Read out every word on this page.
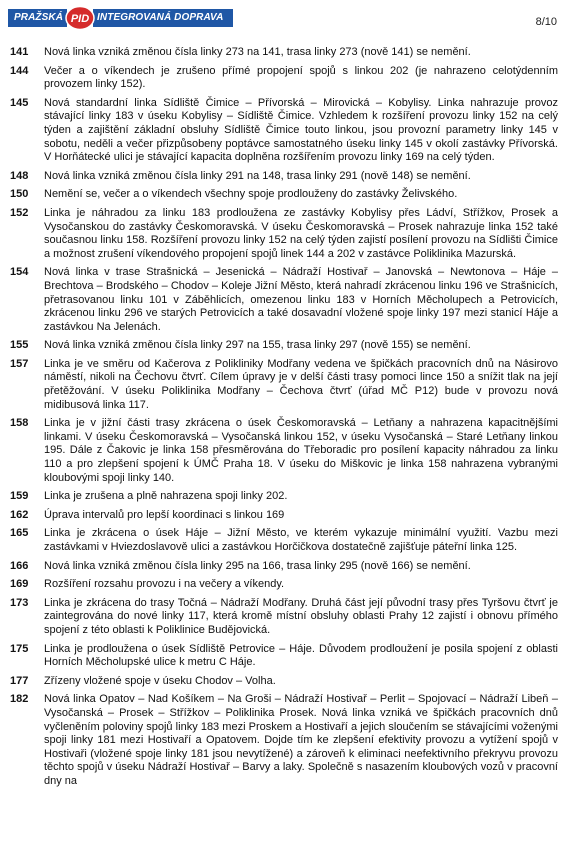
PRAŽSKÁ PID INTEGROVANÁ DOPRAVA	8/10
141	Nová linka vzniká změnou čísla linky 273 na 141, trasa linky 273 (nově 141) se nemění.
144	Večer a o víkendech je zrušeno přímé propojení spojů s linkou 202 (je nahrazeno celotýdenním provozem linky 152).
145	Nová standardní linka Sídliště Čimice – Přívorská – Mirovická – Kobylisy. Linka nahrazuje provoz stávající linky 183 v úseku Kobylisy – Sídliště Čimice. Vzhledem k rozšíření provozu linky 152 na celý týden a zajištění základní obsluhy Sídliště Čimice touto linkou, jsou provozní parametry linky 145 v sobotu, neděli a večer přizpůsobeny poptávce samostatného úseku linky 145 v okolí zastávky Přívorská. V Horňátecké ulici je stávající kapacita doplněna rozšířením provozu linky 169 na celý týden.
148	Nová linka vzniká změnou čísla linky 291 na 148, trasa linky 291 (nově 148) se nemění.
150	Nemění se, večer a o víkendech všechny spoje prodlouženy do zastávky Želivského.
152	Linka je náhradou za linku 183 prodloužena ze zastávky Kobylisy přes Ládví, Střížkov, Prosek a Vysočanskou do zastávky Českomoravská. V úseku Českomoravská – Prosek nahrazuje linka 152 také současnou linku 158. Rozšíření provozu linky 152 na celý týden zajistí posílení provozu na Sídlišti Čimice a možnost zrušení víkendového propojení spojů linek 144 a 202 v zastávce Poliklinika Mazurská.
154	Nová linka v trase Strašnická – Jesenická – Nádraží Hostivař – Janovská – Newtonova – Háje – Brechtova – Brodského – Chodov – Koleje Jižní Město, která nahradí zkrácenou linku 196 ve Strašnicích, přetrasovanou linku 101 v Záběhlicích, omezenou linku 183 v Horních Měcholupech a Petrovicích, zkrácenou linku 296 ve starých Petrovicích a také dosavadní vložené spoje linky 197 mezi stanicí Háje a zastávkou Na Jelenách.
155	Nová linka vzniká změnou čísla linky 297 na 155, trasa linky 297 (nově 155) se nemění.
157	Linka je ve směru od Kačerova z Polikliniky Modřany vedena ve špičkách pracovních dnů na Násirovo náměstí, nikoli na Čechovu čtvrť. Cílem úpravy je v delší části trasy pomoci lince 150 a snížit tlak na její přetěžování. V úseku Poliklinika Modřany – Čechova čtvrť (úřad MČ P12) bude v provozu nová midibusová linka 117.
158	Linka je v jižní části trasy zkrácena o úsek Českomoravská – Letňany a nahrazena kapacitnějšími linkami. V úseku Českomoravská – Vysočanská linkou 152, v úseku Vysočanská – Staré Letňany linkou 195. Dále z Čakovic je linka 158 přesměrována do Třeboradic pro posílení kapacity náhradou za linku 110 a pro zlepšení spojení k ÚMČ Praha 18. V úseku do Miškovic je linka 158 nahrazena vybranými kloubovými spoji linky 140.
159	Linka je zrušena a plně nahrazena spoji linky 202.
162	Úprava intervalů pro lepší koordinaci s linkou 169
165	Linka je zkrácena o úsek Háje – Jižní Město, ve kterém vykazuje minimální využití. Vazbu mezi zastávkami v Hviezdoslavově ulici a zastávkou Horčičkova dostatečně zajišťuje páteřní linka 125.
166	Nová linka vzniká změnou čísla linky 295 na 166, trasa linky 295 (nově 166) se nemění.
169	Rozšíření rozsahu provozu i na večery a víkendy.
173	Linka je zkrácena do trasy Točná – Nádraží Modřany. Druhá část její původní trasy přes Tyršovu čtvrť je zaintegrována do nové linky 117, která kromě místní obsluhy oblasti Prahy 12 zajistí i obnovu přímého spojení z této oblasti k Poliklinice Budějovická.
175	Linka je prodloužena o úsek Sídliště Petrovice – Háje. Důvodem prodloužení je posila spojení z oblasti Horních Měcholupské ulice k metru C Háje.
177	Zřízeny vložené spoje v úseku Chodov – Volha.
182	Nová linka Opatov – Nad Košíkem – Na Groši – Nádraží Hostivař – Perlit – Spojovací – Nádraží Libeň – Vysočanská – Prosek – Střížkov – Poliklinika Prosek. Nová linka vzniká ve špičkách pracovních dnů vyčleněním poloviny spojů linky 183 mezi Proskem a Hostivaří a jejich sloučením se stávajícími voženými spoji linky 181 mezi Hostivaří a Opatovem. Dojde tím ke zlepšení efektivity provozu a vytížení spojů v Hostivaři (vložené spoje linky 181 jsou nevytížené) a zároveň k eliminaci neefektivního překryvu provozu těchto spojů v úseku Nádraží Hostivař – Barvy a laky. Společně s nasazením kloubových vozů v pracovní dny na
